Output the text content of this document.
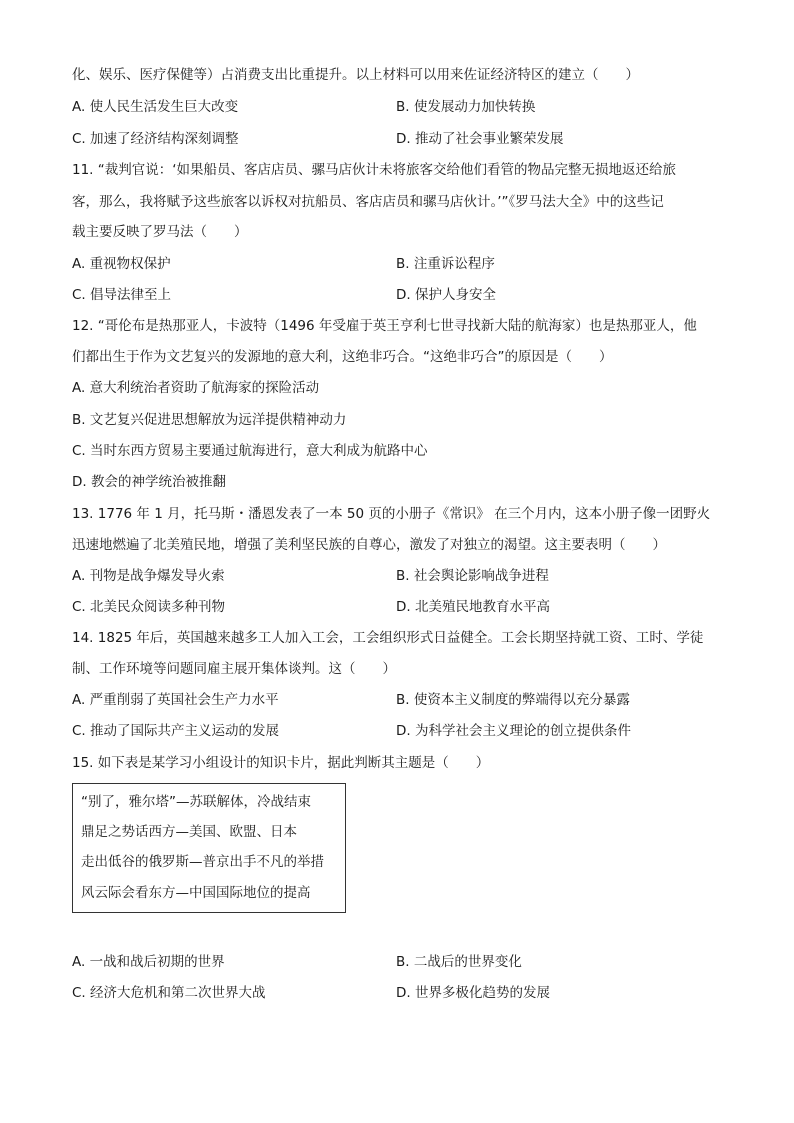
化、娱乐、医疗保健等）占消费支出比重提升。以上材料可以用来佐证经济特区的建立（　　）
A. 使人民生活发生巨大改变	B. 使发展动力加快转换
C. 加速了经济结构深刻调整	D. 推动了社会事业繁荣发展
11. “裁判官说：‘如果船员、客店店员、骡马店伙计未将旅客交给他们看管的物品完整无损地返还给旅
客，那么，我将赋予这些旅客以诉权对抗船员、客店店员和骡马店伙计。’”《罗马法大全》中的这些记
载主要反映了罗马法（　　）
A. 重视物权保护	B. 注重诉讼程序
C. 倡导法律至上	D. 保护人身安全
12. “哥伦布是热那亚人，卡波特（1496 年受雇于英王亨利七世寻找新大陆的航海家）也是热那亚人，他
们都出生于作为文艺复兴的发源地的意大利，这绝非巧合。“这绝非巧合”的原因是（　　）
A. 意大利统治者资助了航海家的探险活动
B. 文艺复兴促进思想解放为远洋提供精神动力
C. 当时东西方贸易主要通过航海进行，意大利成为航路中心
D. 教会的神学统治被推翻
13. 1776 年 1 月，托马斯・潘恩发表了一本 50 页的小册子《常识》 在三个月内，这本小册子像一团野火
迅速地燃遍了北美殖民地，增强了美利坚民族的自尊心，激发了对独立的渴望。这主要表明（　　）
A. 刊物是战争爆发导火索	B. 社会舆论影响战争进程
C. 北美民众阅读多种刊物	D. 北美殖民地教育水平高
14. 1825 年后，英国越来越多工人加入工会，工会组织形式日益健全。工会长期坚持就工资、工时、学徒
制、工作环境等问题同雇主展开集体谈判。这（　　）
A. 严重削弱了英国社会生产力水平	B. 使资本主义制度的弊端得以充分暴露
C. 推动了国际共产主义运动的发展	D. 为科学社会主义理论的创立提供条件
15. 如下表是某学习小组设计的知识卡片，据此判断其主题是（　　）
“别了，雅尔塔”—苏联解体，冷战结束
鼎足之势话西方—美国、欧盟、日本
走出低谷的俄罗斯—普京出手不凡的举措
风云际会看东方—中国国际地位的提高
A. 一战和战后初期的世界	B. 二战后的世界变化
C. 经济大危机和第二次世界大战	D. 世界多极化趋势的发展
